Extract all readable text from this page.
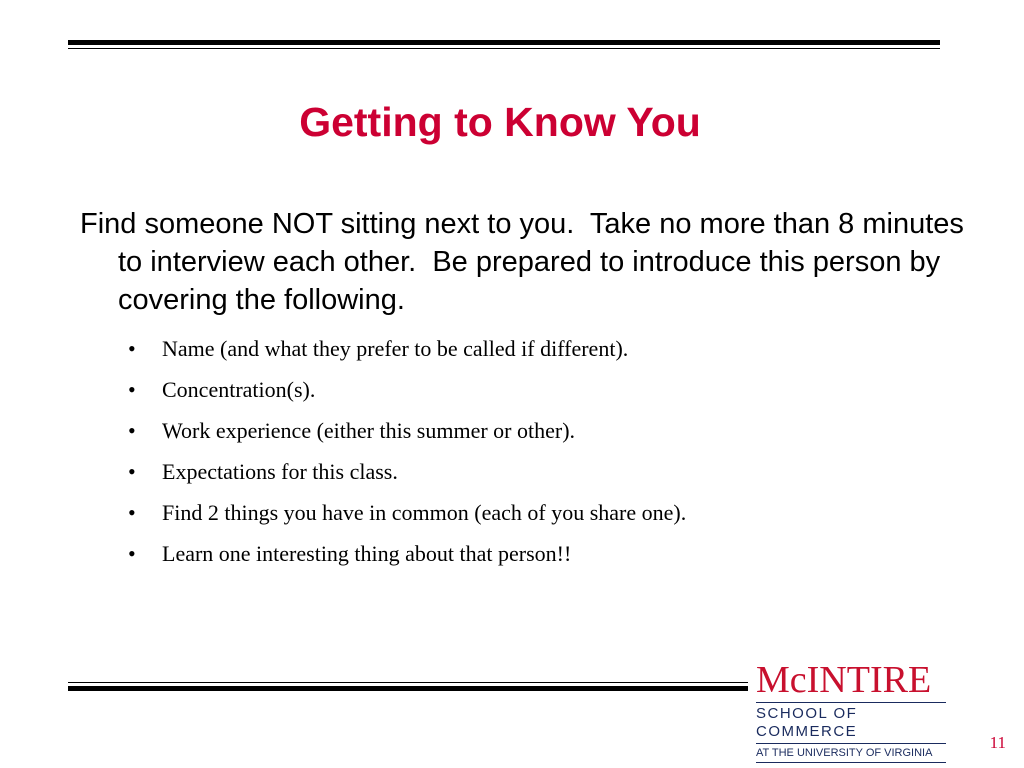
Getting to Know You

Find someone NOT sitting next to you.  Take no more than 8 minutes to interview each other.  Be prepared to introduce this person by covering the following.

• Name (and what they prefer to be called if different).
• Concentration(s).
• Work experience (either this summer or other).
• Expectations for this class.
• Find 2 things you have in common (each of you share one).
• Learn one interesting thing about that person!!
McINTIRE
SCHOOL OF COMMERCE
AT THE UNIVERSITY OF VIRGINIA
11
